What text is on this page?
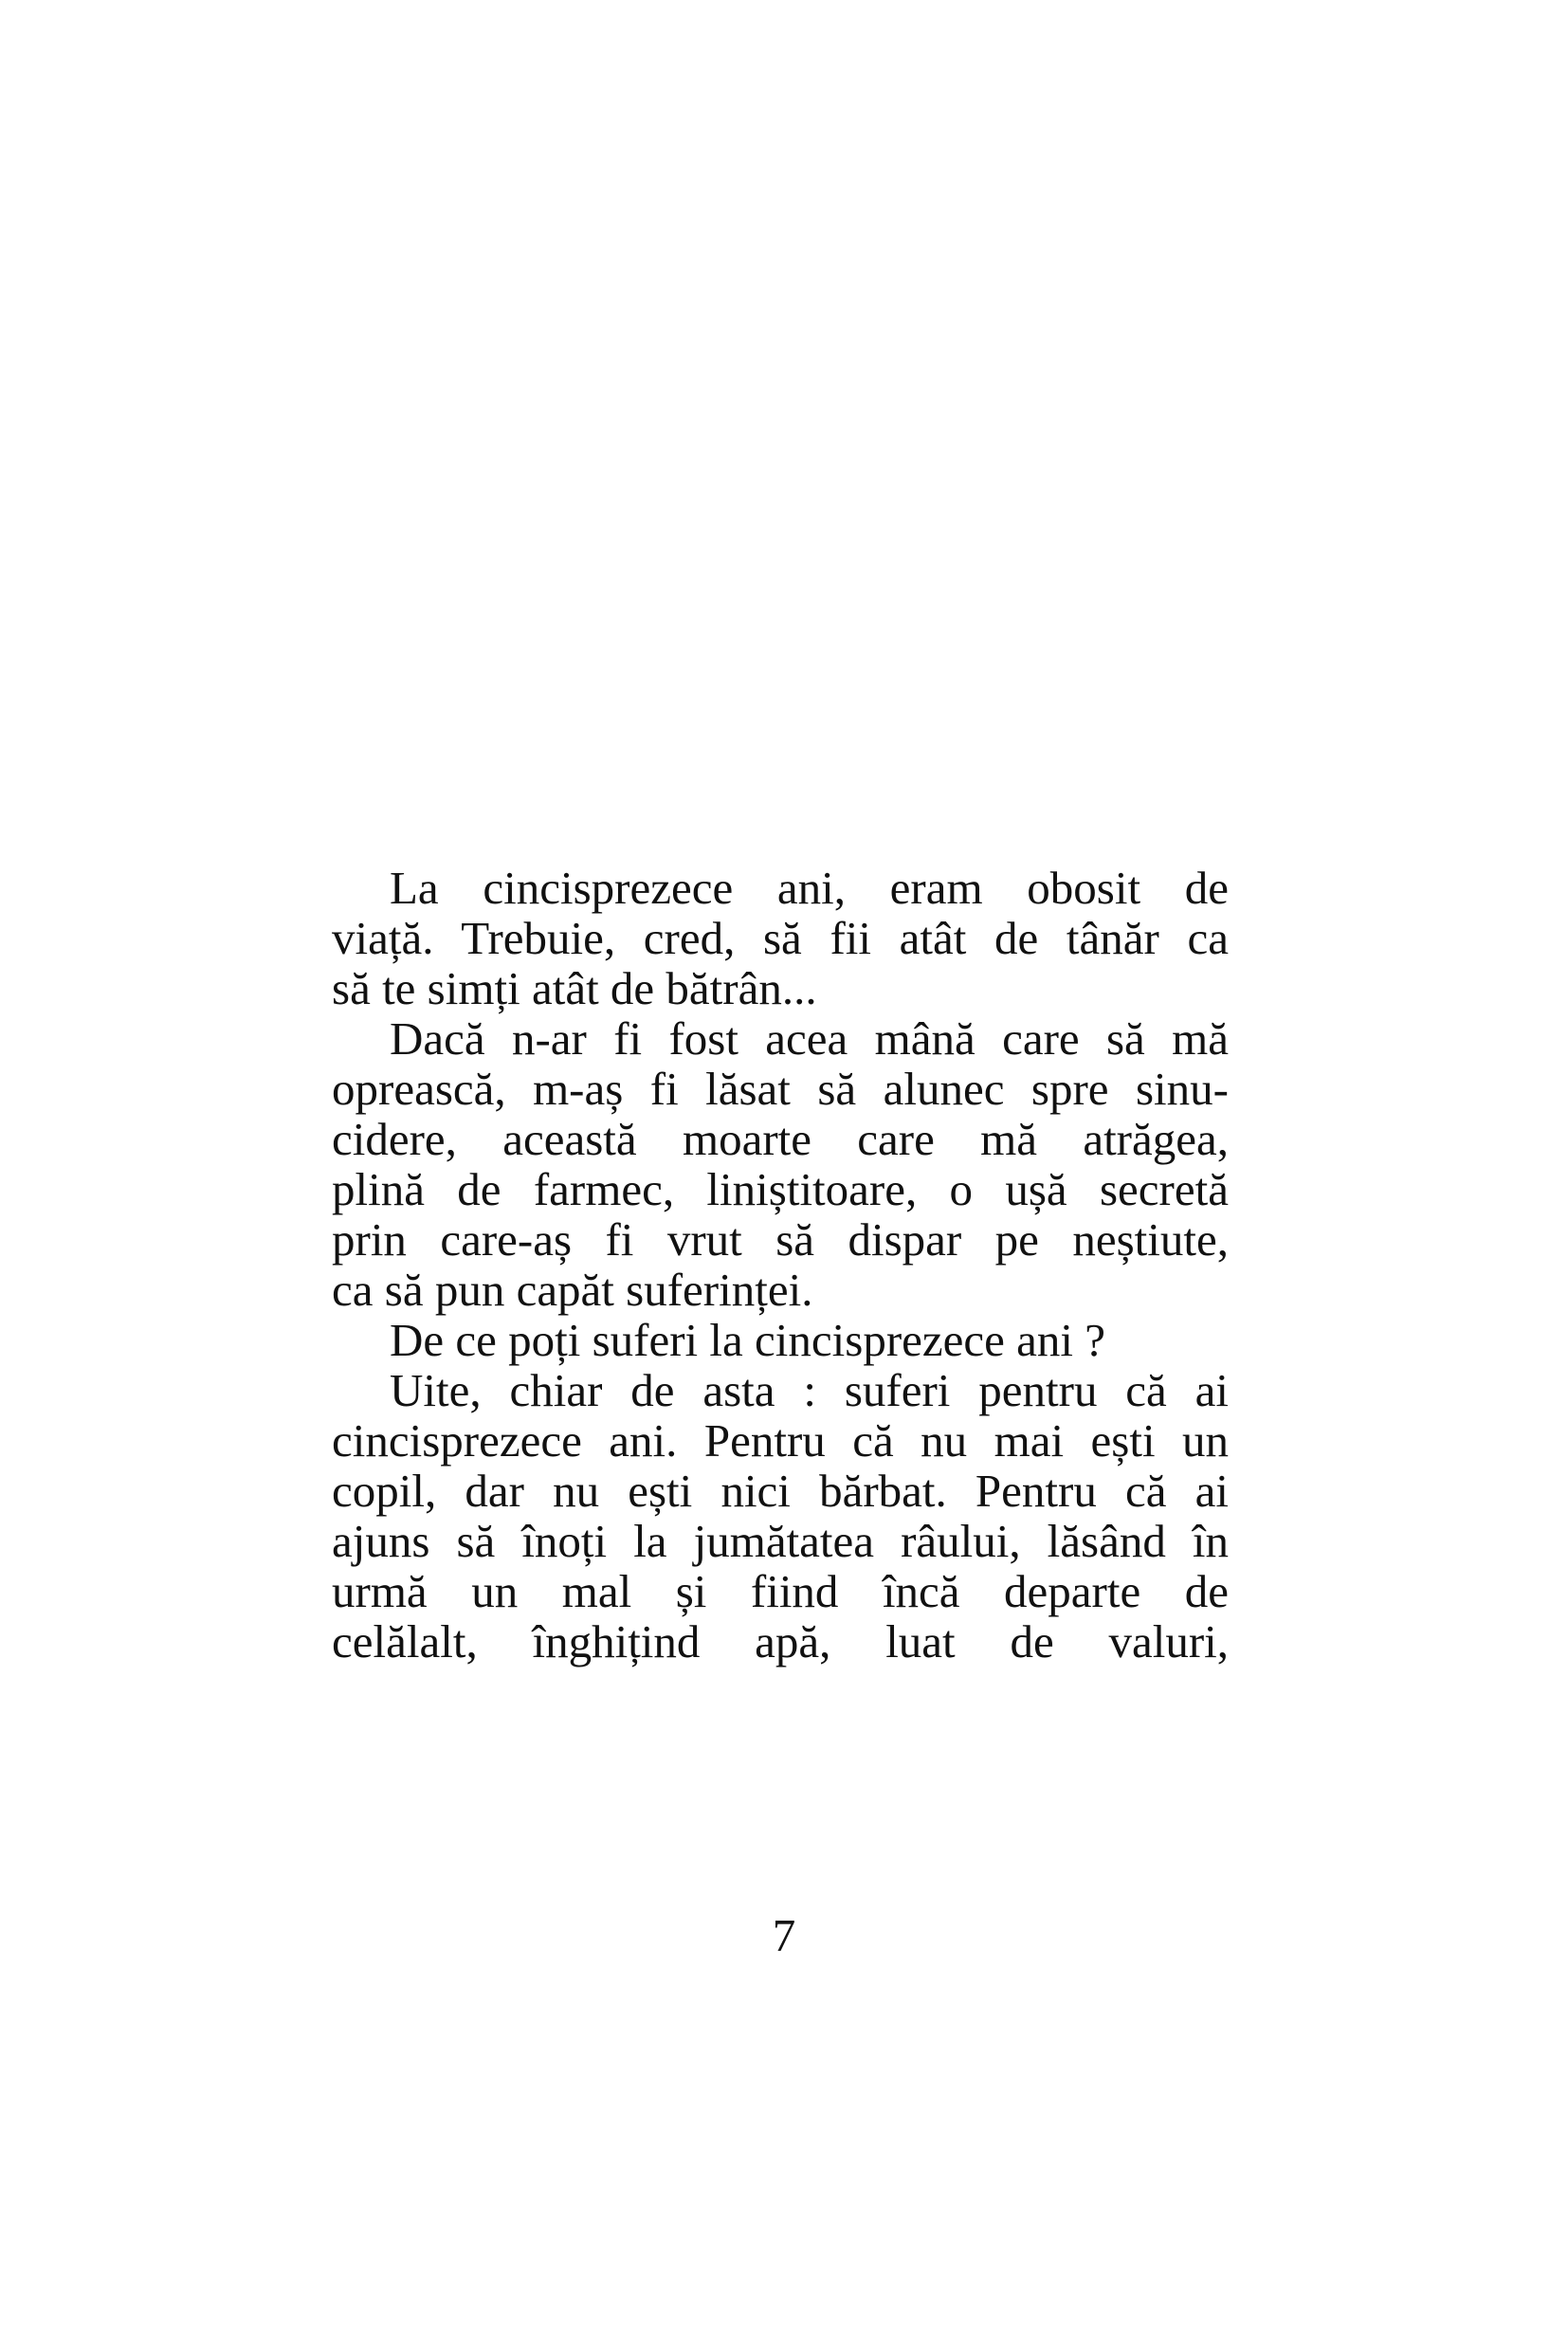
La cincisprezece ani, eram obosit de
viață. Trebuie, cred, să fii atât de tânăr ca
să te simți atât de bătrân...
Dacă n-ar fi fost acea mână care să mă
oprească, m-aș fi lăsat să alunec spre sinu-
cidere, această moarte care mă atrăgea,
plină de farmec, liniștitoare, o ușă secretă
prin care-aș fi vrut să dispar pe neștiute,
ca să pun capăt suferinței.
De ce poți suferi la cincisprezece ani ?
Uite, chiar de asta : suferi pentru că ai
cincisprezece ani. Pentru că nu mai ești un
copil, dar nu ești nici bărbat. Pentru că ai
ajuns să înoți la jumătatea râului, lăsând în
urmă un mal și fiind încă departe de
celălalt, înghițind apă, luat de valuri,
7
